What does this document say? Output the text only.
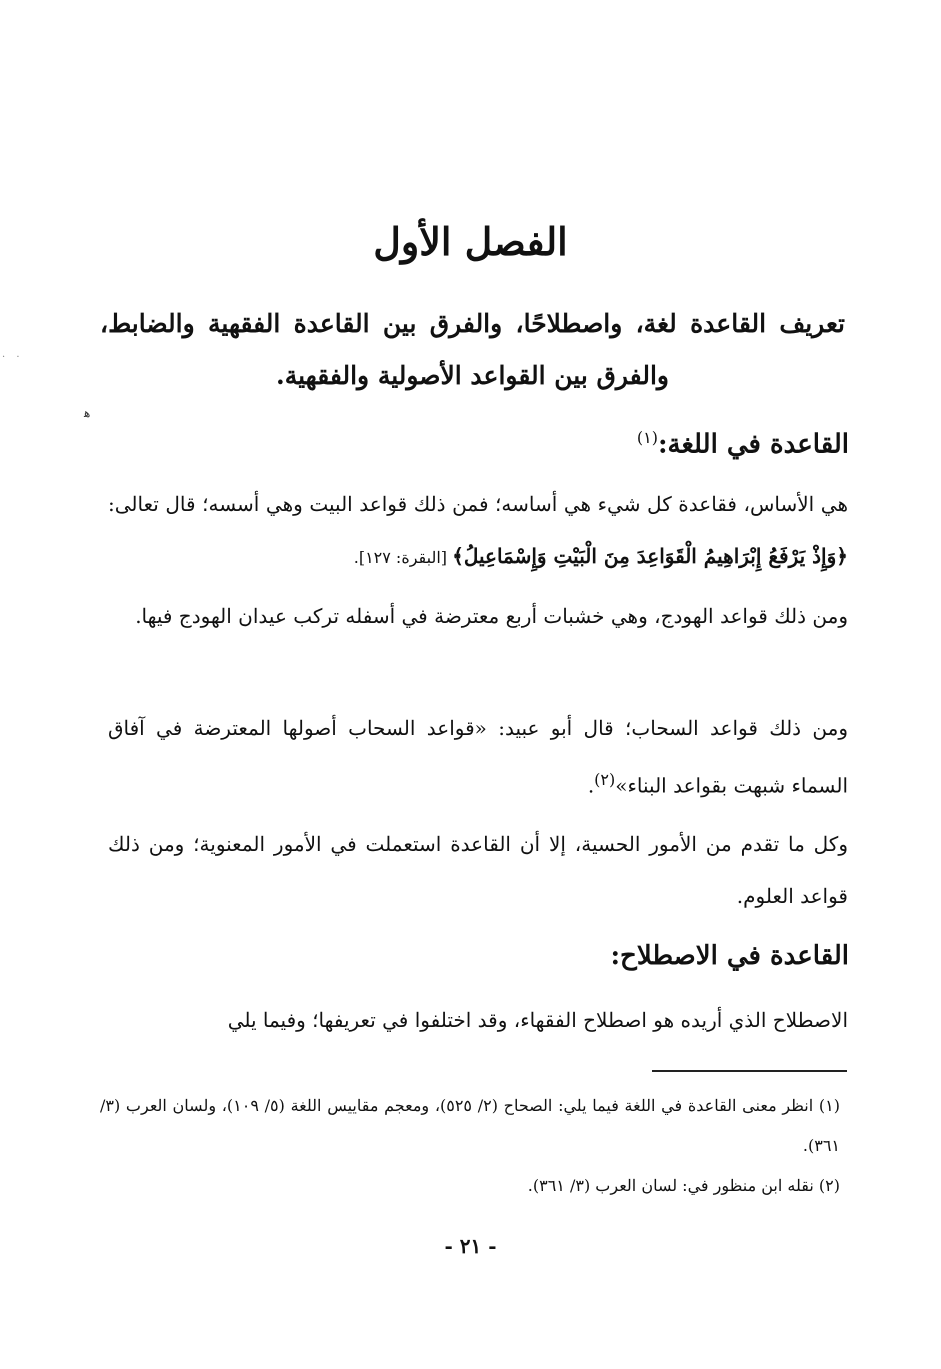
· ·
ﮬ
الفصل الأول

تعريف القاعدة لغة، واصطلاحًا، والفرق بين القاعدة الفقهية والضابط، والفرق بين القواعد الأصولية والفقهية.

القاعدة في اللغة:$^{(١)}$

هي الأساس، فقاعدة كل شيء هي أساسه؛ فمن ذلك قواعد البيت وهي أسسه؛ قال تعالى: ﴿وَإِذْ يَرْفَعُ إِبْرَاهِيمُ الْقَوَاعِدَ مِنَ الْبَيْتِ وَإِسْمَاعِيلُ﴾ [البقرة: ١٢٧].

ومن ذلك قواعد الهودج، وهي خشبات أربع معترضة في أسفله تركب عيدان الهودج فيها.

ومن ذلك قواعد السحاب؛ قال أبو عبيد: «قواعد السحاب أصولها المعترضة في آفاق السماء شبهت بقواعد البناء»$^{(٢)}$.

وكل ما تقدم من الأمور الحسية، إلا أن القاعدة استعملت في الأمور المعنوية؛ ومن ذلك قواعد العلوم.

القاعدة في الاصطلاح:

الاصطلاح الذي أريده هو اصطلاح الفقهاء، وقد اختلفوا في تعريفها؛ وفيما يلي

(١) انظر معنى القاعدة في اللغة فيما يلي: الصحاح (٢/ ٥٢٥)، ومعجم مقاييس اللغة (٥/ ١٠٩)، ولسان العرب (٣/ ٣٦١).

(٢) نقله ابن منظور في: لسان العرب (٣/ ٣٦١).

- ٢١ -
